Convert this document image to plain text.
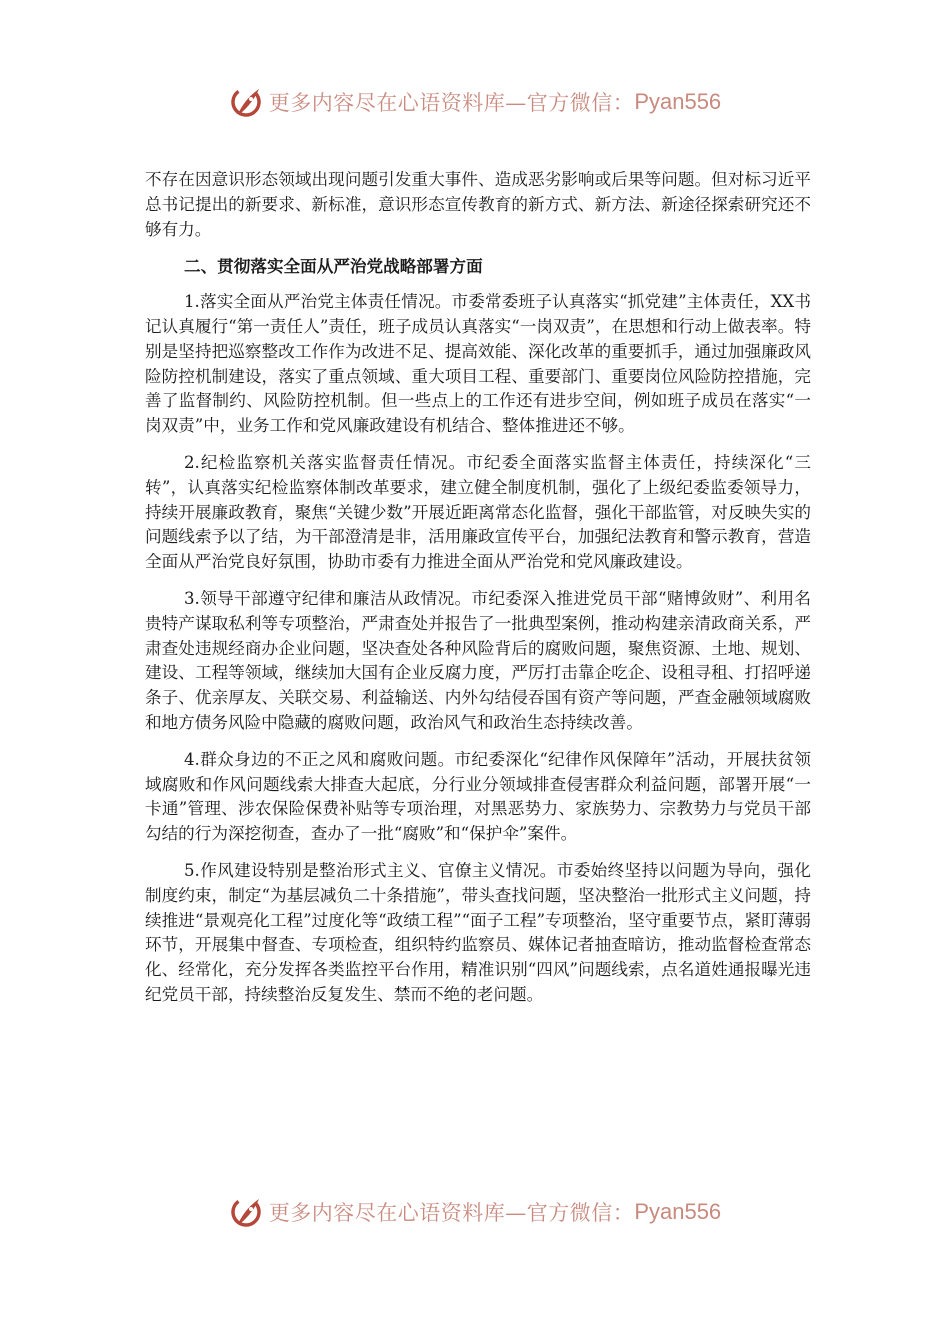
更多内容尽在心语资料库—官方微信： Pyan556

不存在因意识形态领域出现问题引发重大事件、造成恶劣影响或后果等问题。但对标习近平总书记提出的新要求、新标准，意识形态宣传教育的新方式、新方法、新途径探索研究还不够有力。

二、贯彻落实全面从严治党战略部署方面

1.落实全面从严治党主体责任情况。市委常委班子认真落实“抓党建”主体责任，XX书记认真履行“第一责任人”责任，班子成员认真落实“一岗双责”，在思想和行动上做表率。特别是坚持把巡察整改工作作为改进不足、提高效能、深化改革的重要抓手，通过加强廉政风险防控机制建设，落实了重点领域、重大项目工程、重要部门、重要岗位风险防控措施，完善了监督制约、风险防控机制。但一些点上的工作还有进步空间，例如班子成员在落实“一岗双责”中，业务工作和党风廉政建设有机结合、整体推进还不够。

2.纪检监察机关落实监督责任情况。市纪委全面落实监督主体责任，持续深化“三转”，认真落实纪检监察体制改革要求，建立健全制度机制，强化了上级纪委监委领导力，持续开展廉政教育，聚焦“关键少数”开展近距离常态化监督，强化干部监管，对反映失实的问题线索予以了结，为干部澄清是非，活用廉政宣传平台，加强纪法教育和警示教育，营造全面从严治党良好氛围，协助市委有力推进全面从严治党和党风廉政建设。

3.领导干部遵守纪律和廉洁从政情况。市纪委深入推进党员干部“赌博敛财”、利用名贵特产谋取私利等专项整治，严肃查处并报告了一批典型案例，推动构建亲清政商关系，严肃查处违规经商办企业问题，坚决查处各种风险背后的腐败问题，聚焦资源、土地、规划、建设、工程等领域，继续加大国有企业反腐力度，严厉打击靠企吃企、设租寻租、打招呼递条子、优亲厚友、关联交易、利益输送、内外勾结侵吞国有资产等问题，严查金融领域腐败和地方债务风险中隐藏的腐败问题，政治风气和政治生态持续改善。

4.群众身边的不正之风和腐败问题。市纪委深化“纪律作风保障年”活动，开展扶贫领域腐败和作风问题线索大排查大起底，分行业分领域排查侵害群众利益问题，部署开展“一卡通”管理、涉农保险保费补贴等专项治理，对黑恶势力、家族势力、宗教势力与党员干部勾结的行为深挖彻查，查办了一批“腐败”和“保护伞”案件。

5.作风建设特别是整治形式主义、官僚主义情况。市委始终坚持以问题为导向，强化制度约束，制定“为基层减负二十条措施”，带头查找问题，坚决整治一批形式主义问题，持续推进“景观亮化工程”过度化等“政绩工程”“面子工程”专项整治，坚守重要节点，紧盯薄弱环节，开展集中督查、专项检查，组织特约监察员、媒体记者抽查暗访，推动监督检查常态化、经常化，充分发挥各类监控平台作用，精准识别“四风”问题线索，点名道姓通报曝光违纪党员干部，持续整治反复发生、禁而不绝的老问题。

更多内容尽在心语资料库—官方微信： Pyan556
